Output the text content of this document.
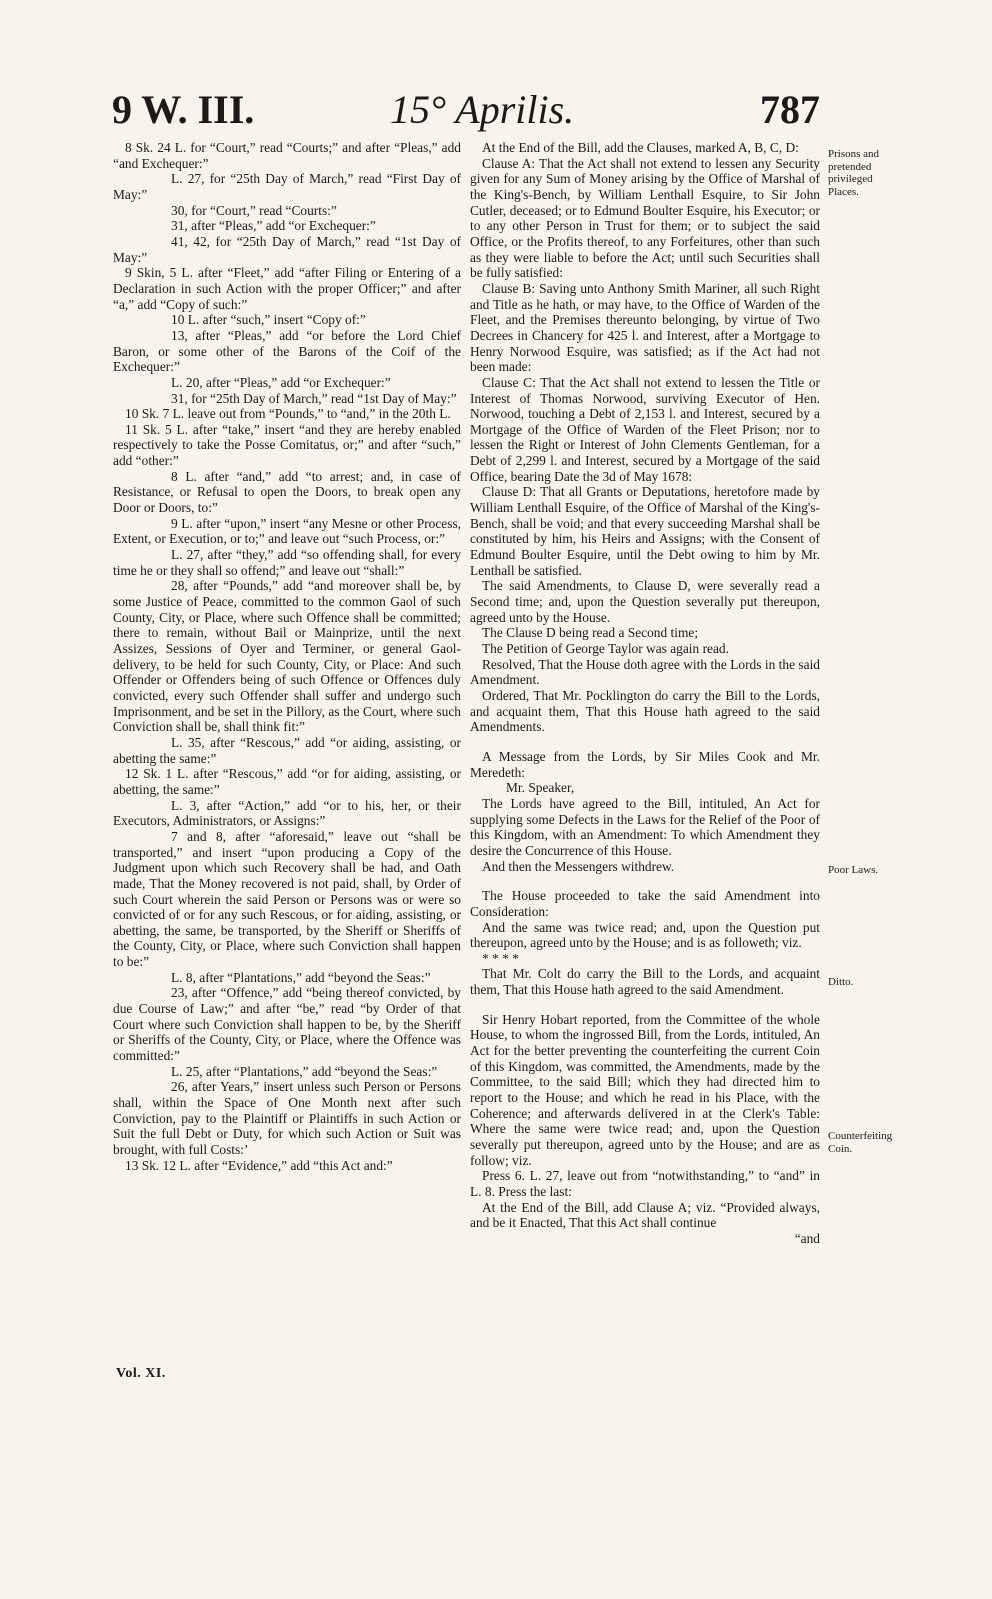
9 W. III.	15° Aprilis.	787

8 Sk. 24 L. for “Court,” read “Courts;” and after “Pleas,” add “and Exchequer:”

L. 27, for “25th Day of March,” read “First Day of May:”

30, for “Court,” read “Courts:”

31, after “Pleas,” add “or Exchequer:”

41, 42, for “25th Day of March,” read “1st Day of May:”

9 Skin, 5 L. after “Fleet,” add “after Filing or Entering of a Declaration in such Action with the proper Officer;” and after “a,” add “Copy of such:”

10 L. after “such,” insert “Copy of:”

13, after “Pleas,” add “or before the Lord Chief Baron, or some other of the Barons of the Coif of the Exchequer:”

L. 20, after “Pleas,” add “or Exchequer:”

31, for “25th Day of March,” read “1st Day of May:”

10 Sk. 7 L. leave out from “Pounds,” to “and,” in the 20th L.

11 Sk. 5 L. after “take,” insert “and they are hereby enabled respectively to take the Posse Comitatus, or;” and after “such,” add “other:”

8 L. after “and,” add “to arrest; and, in case of Resistance, or Refusal to open the Doors, to break open any Door or Doors, to:”

9 L. after “upon,” insert “any Mesne or other Process, Extent, or Execution, or to;” and leave out “such Process, or:”

L. 27, after “they,” add “so offending shall, for every time he or they shall so offend;” and leave out “shall:”

28, after “Pounds,” add “and moreover shall be, by some Justice of Peace, committed to the common Gaol of such County, City, or Place, where such Offence shall be committed; there to remain, without Bail or Mainprize, until the next Assizes, Sessions of Oyer and Terminer, or general Gaol-delivery, to be held for such County, City, or Place: And such Offender or Offenders being of such Offence or Offences duly convicted, every such Offender shall suffer and undergo such Imprisonment, and be set in the Pillory, as the Court, where such Conviction shall be, shall think fit:”

L. 35, after “Rescous,” add “or aiding, assisting, or abetting the same:”

12 Sk. 1 L. after “Rescous,” add “or for aiding, assisting, or abetting, the same:”

L. 3, after “Action,” add “or to his, her, or their Executors, Administrators, or Assigns:”

7 and 8, after “aforesaid,” leave out “shall be transported,” and insert “upon producing a Copy of the Judgment upon which such Recovery shall be had, and Oath made, That the Money recovered is not paid, shall, by Order of such Court wherein the said Person or Persons was or were so convicted of or for any such Rescous, or for aiding, assisting, or abetting, the same, be transported, by the Sheriff or Sheriffs of the County, City, or Place, where such Conviction shall happen to be:”

L. 8, after “Plantations,” add “beyond the Seas:”

23, after “Offence,” add “being thereof convicted, by due Course of Law;” and after “be,” read “by Order of that Court where such Conviction shall happen to be, by the Sheriff or Sheriffs of the County, City, or Place, where the Offence was committed:”

L. 25, after “Plantations,” add “beyond the Seas:”

26, after Years,” insert unless such Person or Persons shall, within the Space of One Month next after such Conviction, pay to the Plaintiff or Plaintiffs in such Action or Suit the full Debt or Duty, for which such Action or Suit was brought, with full Costs:’

13 Sk. 12 L. after “Evidence,” add “this Act and:”

Vol. XI.

At the End of the Bill, add the Clauses, marked A, B, C, D:

Clause A: That the Act shall not extend to lessen any Security given for any Sum of Money arising by the Office of Marshal of the King's-Bench, by William Lenthall Esquire, to Sir John Cutler, deceased; or to Edmund Boulter Esquire, his Executor; or to any other Person in Trust for them; or to subject the said Office, or the Profits thereof, to any Forfeitures, other than such as they were liable to before the Act; until such Securities shall be fully satisfied:

Clause B: Saving unto Anthony Smith Mariner, all such Right and Title as he hath, or may have, to the Office of Warden of the Fleet, and the Premises thereunto belonging, by virtue of Two Decrees in Chancery for 425 l. and Interest, after a Mortgage to Henry Norwood Esquire, was satisfied; as if the Act had not been made:

Clause C: That the Act shall not extend to lessen the Title or Interest of Thomas Norwood, surviving Executor of Hen. Norwood, touching a Debt of 2,153 l. and Interest, secured by a Mortgage of the Office of Warden of the Fleet Prison; nor to lessen the Right or Interest of John Clements Gentleman, for a Debt of 2,299 l. and Interest, secured by a Mortgage of the said Office, bearing Date the 3d of May 1678:

Clause D: That all Grants or Deputations, heretofore made by William Lenthall Esquire, of the Office of Marshal of the King's-Bench, shall be void; and that every succeeding Marshal shall be constituted by him, his Heirs and Assigns; with the Consent of Edmund Boulter Esquire, until the Debt owing to him by Mr. Lenthall be satisfied.

The said Amendments, to Clause D, were severally read a Second time; and, upon the Question severally put thereupon, agreed unto by the House.

The Clause D being read a Second time;

The Petition of George Taylor was again read.

Resolved, That the House doth agree with the Lords in the said Amendment.

Ordered, That Mr. Pocklington do carry the Bill to the Lords, and acquaint them, That this House hath agreed to the said Amendments.

A Message from the Lords, by Sir Miles Cook and Mr. Meredeth:

Mr. Speaker,

The Lords have agreed to the Bill, intituled, An Act for supplying some Defects in the Laws for the Relief of the Poor of this Kingdom, with an Amendment: To which Amendment they desire the Concurrence of this House.

And then the Messengers withdrew.

The House proceeded to take the said Amendment into Consideration:

And the same was twice read; and, upon the Question put thereupon, agreed unto by the House; and is as followeth; viz.

* * * *

That Mr. Colt do carry the Bill to the Lords, and acquaint them, That this House hath agreed to the said Amendment.

Sir Henry Hobart reported, from the Committee of the whole House, to whom the ingrossed Bill, from the Lords, intituled, An Act for the better preventing the counterfeiting the current Coin of this Kingdom, was committed, the Amendments, made by the Committee, to the said Bill; which they had directed him to report to the House; and which he read in his Place, with the Coherence; and afterwards delivered in at the Clerk's Table: Where the same were twice read; and, upon the Question severally put thereupon, agreed unto by the House; and are as follow; viz.

Press 6. L. 27, leave out from “notwithstanding,” to “and” in L. 8. Press the last:

At the End of the Bill, add Clause A; viz. “Provided always, and be it Enacted, That this Act shall continue

“and

Prisons and pretended privileged Places.
Poor Laws.
Ditto.
Counterfeiting Coin.
